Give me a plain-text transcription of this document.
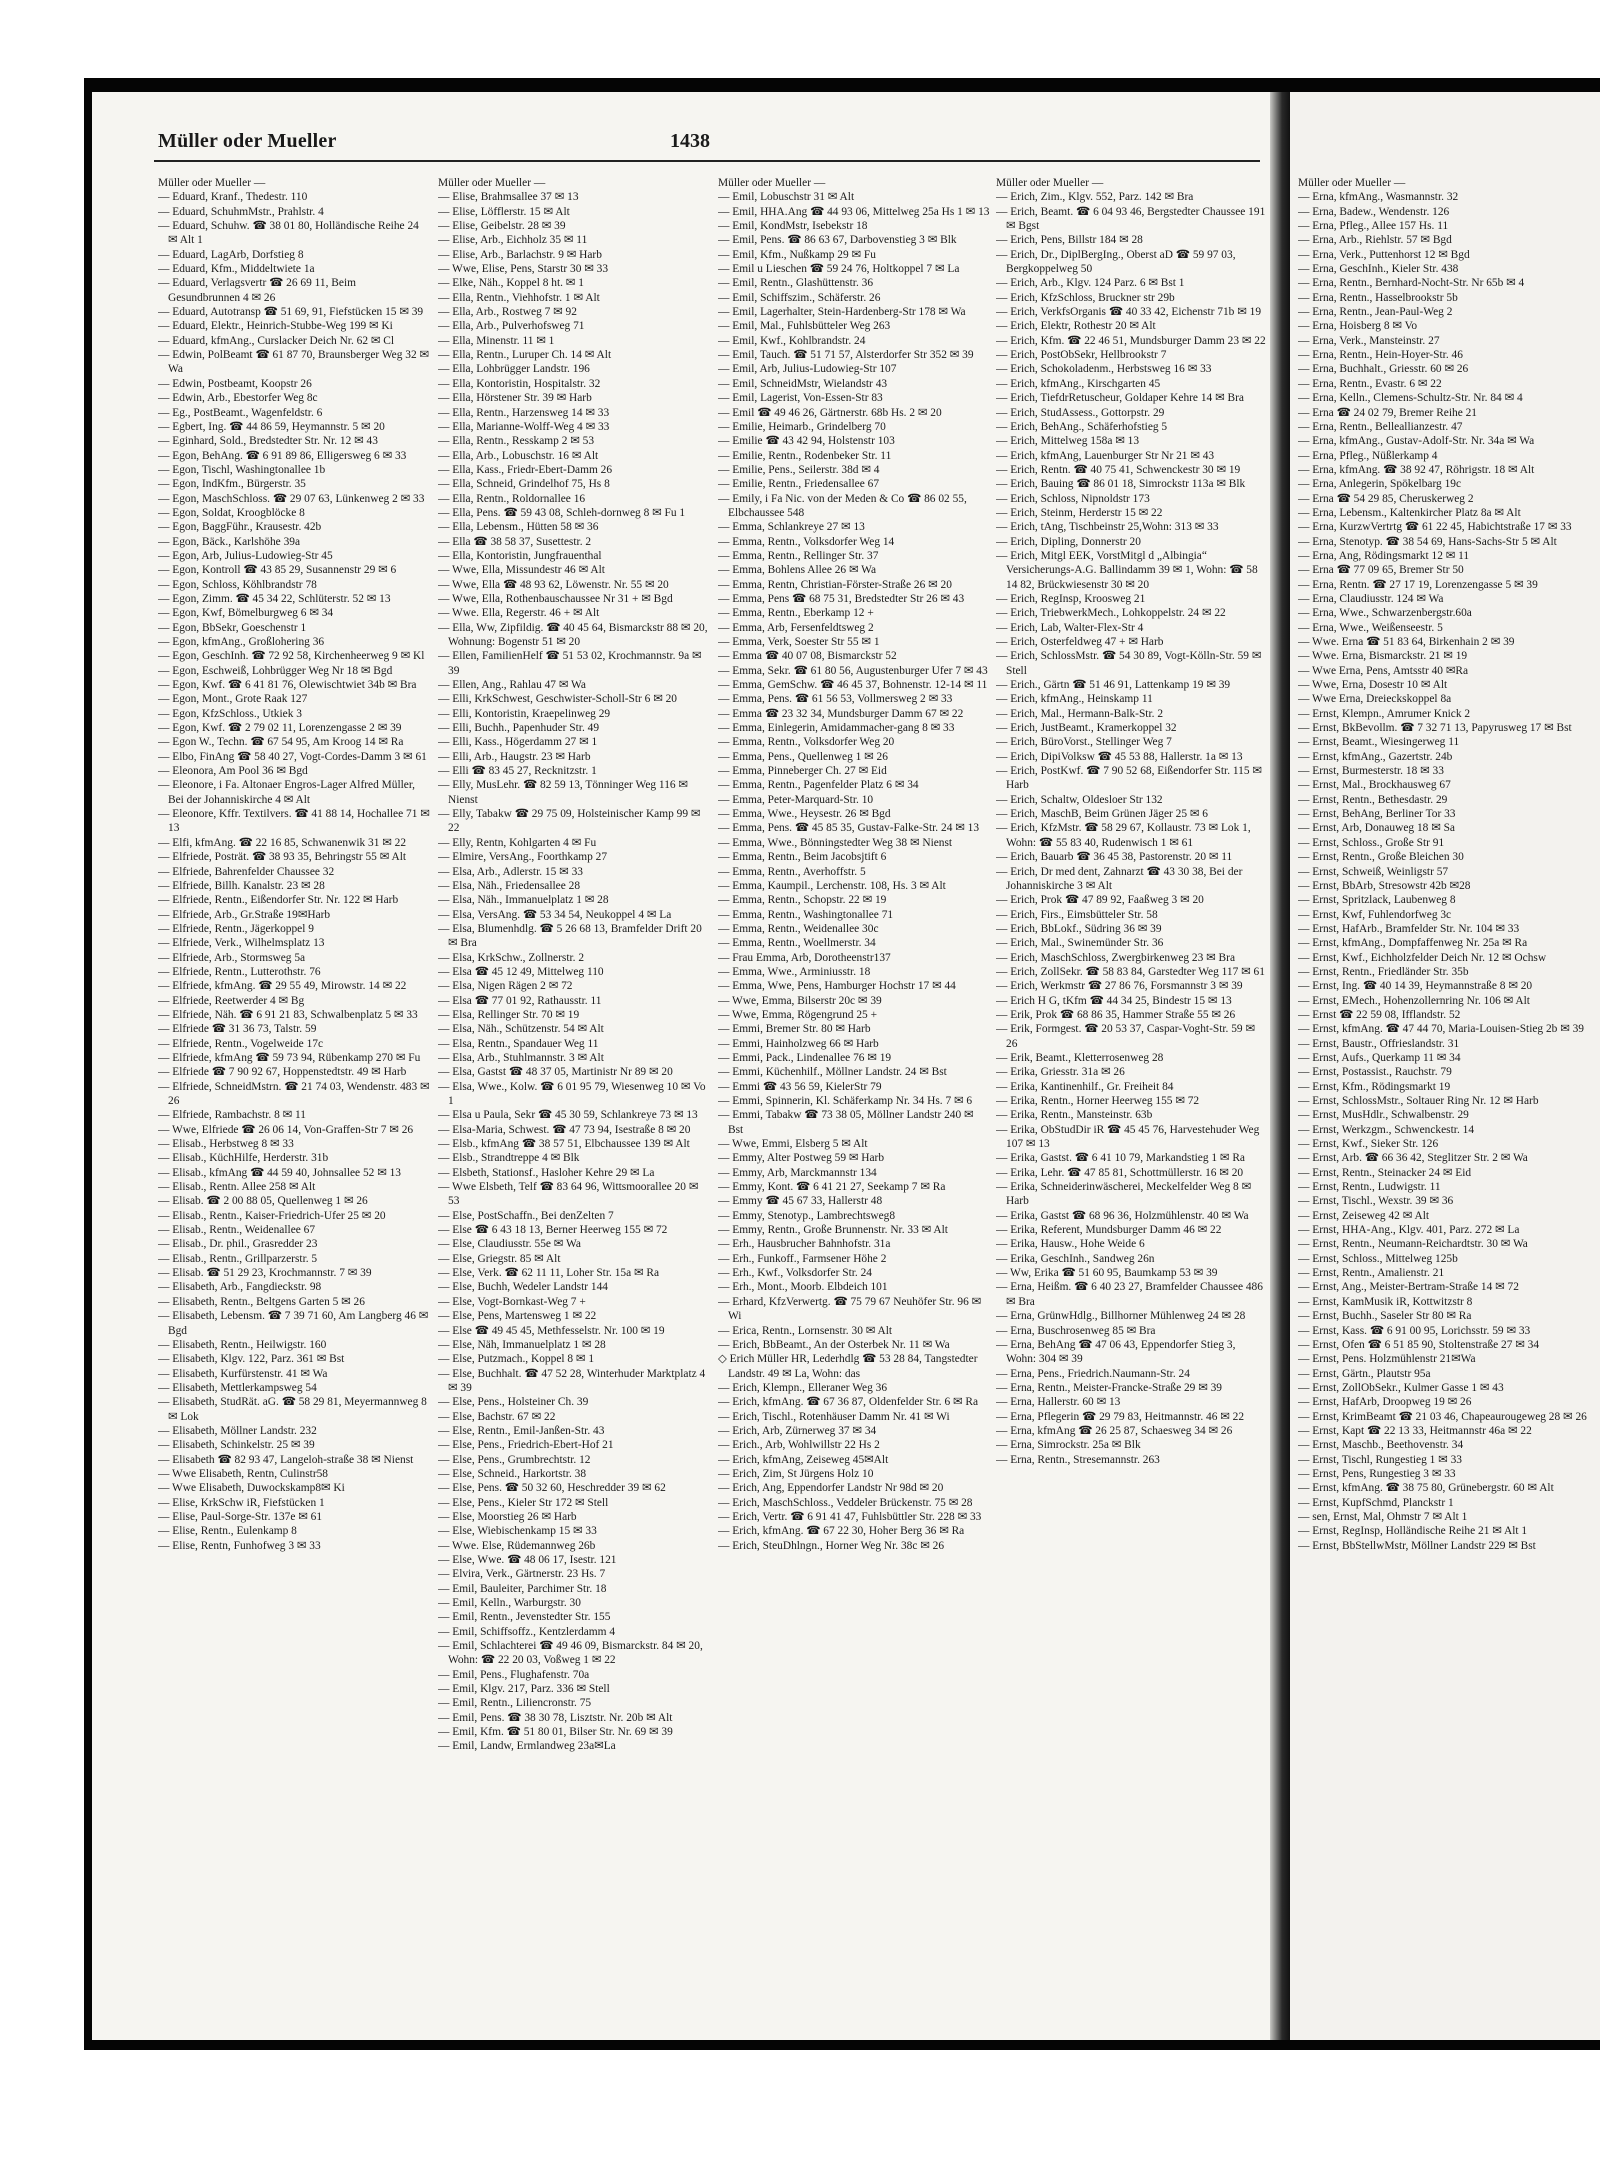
Müller oder Mueller	1438

Müller oder Mueller —

— Eduard, Kranf., Thedestr. 110

— Eduard, SchuhmMstr., Prahlstr. 4

— Eduard, Schuhw. ☎ 38 01 80, Holländische Reihe 24 ✉ Alt 1

— Eduard, LagArb, Dorfstieg 8

— Eduard, Kfm., Middeltwiete 1a

— Eduard, Verlagsvertr ☎ 26 69 11, Beim Gesundbrunnen 4 ✉ 26

— Eduard, Autotransp ☎ 51 69, 91, Fiefstücken 15 ✉ 39

— Eduard, Elektr., Heinrich-Stubbe-Weg 199 ✉ Ki

— Eduard, kfmAng., Curslacker Deich Nr. 62 ✉ Cl

— Edwin, PolBeamt ☎ 61 87 70, Braunsberger Weg 32 ✉ Wa

— Edwin, Postbeamt, Koopstr 26

— Edwin, Arb., Ebestorfer Weg 8c

— Eg., PostBeamt., Wagenfeldstr. 6

— Egbert, Ing. ☎ 44 86 59, Heymannstr. 5 ✉ 20

— Eginhard, Sold., Bredstedter Str. Nr. 12 ✉ 43

— Egon, BehAng. ☎ 6 91 89 86, Elligersweg 6 ✉ 33

— Egon, Tischl, Washingtonallee 1b

— Egon, IndKfm., Bürgerstr. 35

— Egon, MaschSchloss. ☎ 29 07 63, Lünkenweg 2 ✉ 33

— Egon, Soldat, Kroogblöcke 8

— Egon, BaggFühr., Krausestr. 42b

— Egon, Bäck., Karlshöhe 39a

— Egon, Arb, Julius-Ludowieg-Str 45

— Egon, Kontroll ☎ 43 85 29, Susannenstr 29 ✉ 6

— Egon, Schloss, Köhlbrandstr 78

— Egon, Zimm. ☎ 45 34 22, Schlüterstr. 52 ✉ 13

— Egon, Kwf, Bömelburgweg 6 ✉ 34

— Egon, BbSekr, Goeschenstr 1

— Egon, kfmAng., Großlohering 36

— Egon, GeschInh. ☎ 72 92 58, Kirchenheerweg 9 ✉ Kl

— Egon, Eschweiß, Lohbrügger Weg Nr 18 ✉ Bgd

— Egon, Kwf. ☎ 6 41 81 76, Olewischtwiet 34b ✉ Bra

— Egon, Mont., Grote Raak 127

— Egon, KfzSchloss., Utkiek 3

— Egon, Kwf. ☎ 2 79 02 11, Lorenzengasse 2 ✉ 39

— Egon W., Techn. ☎ 67 54 95, Am Kroog 14 ✉ Ra

— Elbo, FinAng ☎ 58 40 27, Vogt-Cordes-Damm 3 ✉ 61

— Eleonora, Am Pool 36 ✉ Bgd

— Eleonore, i Fa. Altonaer Engros-Lager Alfred Müller, Bei der Johanniskirche 4 ✉ Alt

— Eleonore, Kffr. Textilvers. ☎ 41 88 14, Hochallee 71 ✉ 13

— Elfi, kfmAng. ☎ 22 16 85, Schwanenwik 31 ✉ 22

— Elfriede, Posträt. ☎ 38 93 35, Behringstr 55 ✉ Alt

— Elfriede, Bahrenfelder Chaussee 32

— Elfriede, Billh. Kanalstr. 23 ✉ 28

— Elfriede, Rentn., Eißendorfer Str. Nr. 122 ✉ Harb

— Elfriede, Arb., Gr.Straße 19✉Harb

— Elfriede, Rentn., Jägerkoppel 9

— Elfriede, Verk., Wilhelmsplatz 13

— Elfriede, Arb., Stormsweg 5a

— Elfriede, Rentn., Lutterothstr. 76

— Elfriede, kfmAng. ☎ 29 55 49, Mirowstr. 14 ✉ 22

— Elfriede, Reetwerder 4 ✉ Bg

— Elfriede, Näh. ☎ 6 91 21 83, Schwalbenplatz 5 ✉ 33

— Elfriede ☎ 31 36 73, Talstr. 59

— Elfriede, Rentn., Vogelweide 17c

— Elfriede, kfmAng ☎ 59 73 94, Rübenkamp 270 ✉ Fu

— Elfriede ☎ 7 90 92 67, Hoppenstedtstr. 49 ✉ Harb

— Elfriede, SchneidMstrn. ☎ 21 74 03, Wendenstr. 483 ✉ 26

— Elfriede, Rambachstr. 8 ✉ 11

— Wwe, Elfriede ☎ 26 06 14, Von-Graffen-Str 7 ✉ 26

— Elisab., Herbstweg 8 ✉ 33

— Elisab., KüchHilfe, Herderstr. 31b

— Elisab., kfmAng ☎ 44 59 40, Johnsallee 52 ✉ 13

— Elisab., Rentn. Allee 258 ✉ Alt

— Elisab. ☎ 2 00 88 05, Quellenweg 1 ✉ 26

— Elisab., Rentn., Kaiser-Friedrich-Ufer 25 ✉ 20

— Elisab., Rentn., Weidenallee 67

— Elisab., Dr. phil., Grasredder 23

— Elisab., Rentn., Grillparzerstr. 5

— Elisab. ☎ 51 29 23, Krochmannstr. 7 ✉ 39

— Elisabeth, Arb., Fangdieckstr. 98

— Elisabeth, Rentn., Beltgens Garten 5 ✉ 26

— Elisabeth, Lebensm. ☎ 7 39 71 60, Am Langberg 46 ✉ Bgd

— Elisabeth, Rentn., Heilwigstr. 160

— Elisabeth, Klgv. 122, Parz. 361 ✉ Bst

— Elisabeth, Kurfürstenstr. 41 ✉ Wa

— Elisabeth, Mettlerkampsweg 54

— Elisabeth, StudRät. aG. ☎ 58 29 81, Meyermannweg 8 ✉ Lok

— Elisabeth, Möllner Landstr. 232

— Elisabeth, Schinkelstr. 25 ✉ 39

— Elisabeth ☎ 82 93 47, Langeloh-straße 38 ✉ Nienst

— Wwe Elisabeth, Rentn, Culinstr58

— Wwe Elisabeth, Duwockskamp8✉ Ki

— Elise, KrkSchw iR, Fiefstücken 1

— Elise, Paul-Sorge-Str. 137e ✉ 61

— Elise, Rentn., Eulenkamp 8

— Elise, Rentn, Funhofweg 3 ✉ 33

Müller oder Mueller —

— Elise, Brahmsallee 37 ✉ 13

— Elise, Löfflerstr. 15 ✉ Alt

— Elise, Geibelstr. 28 ✉ 39

— Elise, Arb., Eichholz 35 ✉ 11

— Elise, Arb., Barlachstr. 9 ✉ Harb

— Wwe, Elise, Pens, Starstr 30 ✉ 33

— Elke, Näh., Koppel 8 ht. ✉ 1

— Ella, Rentn., Viehhofstr. 1 ✉ Alt

— Ella, Arb., Rostweg 7 ✉ 92

— Ella, Arb., Pulverhofsweg 71

— Ella, Minenstr. 11 ✉ 1

— Ella, Rentn., Luruper Ch. 14 ✉ Alt

— Ella, Lohbrügger Landstr. 196

— Ella, Kontoristin, Hospitalstr. 32

— Ella, Hörstener Str. 39 ✉ Harb

— Ella, Rentn., Harzensweg 14 ✉ 33

— Ella, Marianne-Wolff-Weg 4 ✉ 33

— Ella, Rentn., Resskamp 2 ✉ 53

— Ella, Arb., Lobuschstr. 16 ✉ Alt

— Ella, Kass., Friedr-Ebert-Damm 26

— Ella, Schneid, Grindelhof 75, Hs 8

— Ella, Rentn., Roldornallee 16

— Ella, Pens. ☎ 59 43 08, Schleh-dornweg 8 ✉ Fu 1

— Ella, Lebensm., Hütten 58 ✉ 36

— Ella ☎ 38 58 37, Susettestr. 2

— Ella, Kontoristin, Jungfrauenthal

— Wwe, Ella, Missundestr 46 ✉ Alt

— Wwe, Ella ☎ 48 93 62, Löwenstr. Nr. 55 ✉ 20

— Wwe, Ella, Rothenbauschaussee Nr 31 + ✉ Bgd

— Wwe. Ella, Regerstr. 46 + ✉ Alt

— Ella, Ww, Zipfildig. ☎ 40 45 64, Bismarckstr 88 ✉ 20, Wohnung: Bogenstr 51 ✉ 20

— Ellen, FamilienHelf ☎ 51 53 02, Krochmannstr. 9a ✉ 39

— Ellen, Ang., Rahlau 47 ✉ Wa

— Elli, KrkSchwest, Geschwister-Scholl-Str 6 ✉ 20

— Elli, Kontoristin, Kraepelinweg 29

— Elli, Buchh., Papenhuder Str. 49

— Elli, Kass., Högerdamm 27 ✉ 1

— Elli, Arb., Haugstr. 23 ✉ Harb

— Elli ☎ 83 45 27, Recknitzstr. 1

— Elly, MusLehr. ☎ 82 59 13, Tönninger Weg 116 ✉ Nienst

— Elly, Tabakw ☎ 29 75 09, Holsteinischer Kamp 99 ✉ 22

— Elly, Rentn, Kohlgarten 4 ✉ Fu

— Elmire, VersAng., Foorthkamp 27

— Elsa, Arb., Adlerstr. 15 ✉ 33

— Elsa, Näh., Friedensallee 28

— Elsa, Näh., Immanuelplatz 1 ✉ 28

— Elsa, VersAng. ☎ 53 34 54, Neukoppel 4 ✉ La

— Elsa, Blumenhdlg. ☎ 5 26 68 13, Bramfelder Drift 20 ✉ Bra

— Elsa, KrkSchw., Zollnerstr. 2

— Elsa ☎ 45 12 49, Mittelweg 110

— Elsa, Nigen Rägen 2 ✉ 72

— Elsa ☎ 77 01 92, Rathausstr. 11

— Elsa, Rellinger Str. 70 ✉ 19

— Elsa, Näh., Schützenstr. 54 ✉ Alt

— Elsa, Rentn., Spandauer Weg 11

— Elsa, Arb., Stuhlmannstr. 3 ✉ Alt

— Elsa, Gastst ☎ 48 37 05, Martinistr Nr 89 ✉ 20

— Elsa, Wwe., Kolw. ☎ 6 01 95 79, Wiesenweg 10 ✉ Vo 1

— Elsa u Paula, Sekr ☎ 45 30 59, Schlankreye 73 ✉ 13

— Elsa-Maria, Schwest. ☎ 47 73 94, Isestraße 8 ✉ 20

— Elsb., kfmAng ☎ 38 57 51, Elbchaussee 139 ✉ Alt

— Elsb., Strandtreppe 4 ✉ Blk

— Elsbeth, Stationsf., Hasloher Kehre 29 ✉ La

— Wwe Elsbeth, Telf ☎ 83 64 96, Wittsmoorallee 20 ✉ 53

— Else, PostSchaffn., Bei denZelten 7

— Else ☎ 6 43 18 13, Berner Heerweg 155 ✉ 72

— Else, Claudiusstr. 55e ✉ Wa

— Else, Griegstr. 85 ✉ Alt

— Else, Verk. ☎ 62 11 11, Loher Str. 15a ✉ Ra

— Else, Buchh, Wedeler Landstr 144

— Else, Vogt-Bornkast-Weg 7 +

— Else, Pens, Martensweg 1 ✉ 22

— Else ☎ 49 45 45, Methfesselstr. Nr. 100 ✉ 19

— Else, Näh, Immanuelplatz 1 ✉ 28

— Else, Putzmach., Koppel 8 ✉ 1

— Else, Buchhalt. ☎ 47 52 28, Winterhuder Marktplatz 4 ✉ 39

— Else, Pens., Holsteiner Ch. 39

— Else, Bachstr. 67 ✉ 22

— Else, Rentn., Emil-Janßen-Str. 43

— Else, Pens., Friedrich-Ebert-Hof 21

— Else, Pens., Grumbrechtstr. 12

— Else, Schneid., Harkortstr. 38

— Else, Pens. ☎ 50 32 60, Heschredder 39 ✉ 62

— Else, Pens., Kieler Str 172 ✉ Stell

— Else, Moorstieg 26 ✉ Harb

— Else, Wiebischenkamp 15 ✉ 33

— Wwe. Else, Rüdemannweg 26b

— Else, Wwe. ☎ 48 06 17, Isestr. 121

— Elvira, Verk., Gärtnerstr. 23 Hs. 7

— Emil, Bauleiter, Parchimer Str. 18

— Emil, Kelln., Warburgstr. 30

— Emil, Rentn., Jevenstedter Str. 155

— Emil, Schiffsoffz., Kentzlerdamm 4

— Emil, Schlachterei ☎ 49 46 09, Bismarckstr. 84 ✉ 20, Wohn: ☎ 22 20 03, Voßweg 1 ✉ 22

— Emil, Pens., Flughafenstr. 70a

— Emil, Klgv. 217, Parz. 336 ✉ Stell

— Emil, Rentn., Liliencronstr. 75

— Emil, Pens. ☎ 38 30 78, Lisztstr. Nr. 20b ✉ Alt

— Emil, Kfm. ☎ 51 80 01, Bilser Str. Nr. 69 ✉ 39

— Emil, Landw, Ermlandweg 23a✉La

Müller oder Mueller —

— Emil, Lobuschstr 31 ✉ Alt

— Emil, HHA.Ang ☎ 44 93 06, Mittelweg 25a Hs 1 ✉ 13

— Emil, KondMstr, Isebekstr 18

— Emil, Pens. ☎ 86 63 67, Darbovenstieg 3 ✉ Blk

— Emil, Kfm., Nußkamp 29 ✉ Fu

— Emil u Lieschen ☎ 59 24 76, Holtkoppel 7 ✉ La

— Emil, Rentn., Glashüttenstr. 36

— Emil, Schiffszim., Schäferstr. 26

— Emil, Lagerhalter, Stein-Hardenberg-Str 178 ✉ Wa

— Emil, Mal., Fuhlsbütteler Weg 263

— Emil, Kwf., Kohlbrandstr. 24

— Emil, Tauch. ☎ 51 71 57, Alsterdorfer Str 352 ✉ 39

— Emil, Arb, Julius-Ludowieg-Str 107

— Emil, SchneidMstr, Wielandstr 43

— Emil, Lagerist, Von-Essen-Str 83

— Emil ☎ 49 46 26, Gärtnerstr. 68b Hs. 2 ✉ 20

— Emilie, Heimarb., Grindelberg 70

— Emilie ☎ 43 42 94, Holstenstr 103

— Emilie, Rentn., Rodenbeker Str. 11

— Emilie, Pens., Seilerstr. 38d ✉ 4

— Emilie, Rentn., Friedensallee 67

— Emily, i Fa Nic. von der Meden & Co ☎ 86 02 55, Elbchaussee 548

— Emma, Schlankreye 27 ✉ 13

— Emma, Rentn., Volksdorfer Weg 14

— Emma, Rentn., Rellinger Str. 37

— Emma, Bohlens Allee 26 ✉ Wa

— Emma, Rentn, Christian-Förster-Straße 26 ✉ 20

— Emma, Pens ☎ 68 75 31, Bredstedter Str 26 ✉ 43

— Emma, Rentn., Eberkamp 12 +

— Emma, Arb, Fersenfeldtsweg 2

— Emma, Verk, Soester Str 55 ✉ 1

— Emma ☎ 40 07 08, Bismarckstr 52

— Emma, Sekr. ☎ 61 80 56, Augustenburger Ufer 7 ✉ 43

— Emma, GemSchw. ☎ 46 45 37, Bohnenstr. 12-14 ✉ 11

— Emma, Pens. ☎ 61 56 53, Vollmersweg 2 ✉ 33

— Emma ☎ 23 32 34, Mundsburger Damm 67 ✉ 22

— Emma, Einlegerin, Amidammacher-gang 8 ✉ 33

— Emma, Rentn., Volksdorfer Weg 20

— Emma, Pens., Quellenweg 1 ✉ 26

— Emma, Pinneberger Ch. 27 ✉ Eid

— Emma, Rentn., Pagenfelder Platz 6 ✉ 34

— Emma, Peter-Marquard-Str. 10

— Emma, Wwe., Heysestr. 26 ✉ Bgd

— Emma, Pens. ☎ 45 85 35, Gustav-Falke-Str. 24 ✉ 13

— Emma, Wwe., Bönningstedter Weg 38 ✉ Nienst

— Emma, Rentn., Beim Jacobsjtift 6

— Emma, Rentn., Averhoffstr. 5

— Emma, Kaumpil., Lerchenstr. 108, Hs. 3 ✉ Alt

— Emma, Rentn., Schopstr. 22 ✉ 19

— Emma, Rentn., Washingtonallee 71

— Emma, Rentn., Weidenallee 30c

— Emma, Rentn., Woellmerstr. 34

— Frau Emma, Arb, Dorotheenstr137

— Emma, Wwe., Arminiusstr. 18

— Emma, Wwe, Pens, Hamburger Hochstr 17 ✉ 44

— Wwe, Emma, Bilserstr 20c ✉ 39

— Wwe, Emma, Rögengrund 25 +

— Emmi, Bremer Str. 80 ✉ Harb

— Emmi, Hainholzweg 66 ✉ Harb

— Emmi, Pack., Lindenallee 76 ✉ 19

— Emmi, Küchenhilf., Möllner Landstr. 24 ✉ Bst

— Emmi ☎ 43 56 59, KielerStr 79

— Emmi, Spinnerin, Kl. Schäferkamp Nr. 34 Hs. 7 ✉ 6

— Emmi, Tabakw ☎ 73 38 05, Möllner Landstr 240 ✉ Bst

— Wwe, Emmi, Elsberg 5 ✉ Alt

— Emmy, Alter Postweg 59 ✉ Harb

— Emmy, Arb, Marckmannstr 134

— Emmy, Kont. ☎ 6 41 21 27, Seekamp 7 ✉ Ra

— Emmy ☎ 45 67 33, Hallerstr 48

— Emmy, Stenotyp., Lambrechtsweg8

— Emmy, Rentn., Große Brunnenstr. Nr. 33 ✉ Alt

— Erh., Hausbrucher Bahnhofstr. 31a

— Erh., Funkoff., Farmsener Höhe 2

— Erh., Kwf., Volksdorfer Str. 24

— Erh., Mont., Moorb. Elbdeich 101

— Erhard, KfzVerwertg. ☎ 75 79 67 Neuhöfer Str. 96 ✉ Wi

— Erica, Rentn., Lornsenstr. 30 ✉ Alt

— Erich, BbBeamt., An der Osterbek Nr. 11 ✉ Wa

◇ Erich Müller HR, Lederhdlg ☎ 53 28 84, Tangstedter Landstr. 49 ✉ La, Wohn: das

— Erich, Klempn., Elleraner Weg 36

— Erich, kfmAng. ☎ 67 36 87, Oldenfelder Str. 6 ✉ Ra

— Erich, Tischl., Rotenhäuser Damm Nr. 41 ✉ Wi

— Erich, Arb, Zürnerweg 37 ✉ 34

— Erich., Arb, Wohlwillstr 22 Hs 2

— Erich, kfmAng, Zeiseweg 45✉Alt

— Erich, Zim, St Jürgens Holz 10

— Erich, Ang, Eppendorfer Landstr Nr 98d ✉ 20

— Erich, MaschSchloss., Veddeler Brückenstr. 75 ✉ 28

— Erich, Vertr. ☎ 6 91 41 47, Fuhlsbüttler Str. 228 ✉ 33

— Erich, kfmAng. ☎ 67 22 30, Hoher Berg 36 ✉ Ra

— Erich, SteuDhlngn., Horner Weg Nr. 38c ✉ 26

Müller oder Mueller —

— Erich, Zim., Klgv. 552, Parz. 142 ✉ Bra

— Erich, Beamt. ☎ 6 04 93 46, Bergstedter Chaussee 191 ✉ Bgst

— Erich, Pens, Billstr 184 ✉ 28

— Erich, Dr., DiplBergIng., Oberst aD ☎ 59 97 03, Bergkoppelweg 50

— Erich, Arb., Klgv. 124 Parz. 6 ✉ Bst 1

— Erich, KfzSchloss, Bruckner str 29b

— Erich, VerkfsOrganis ☎ 40 33 42, Eichenstr 71b ✉ 19

— Erich, Elektr, Rothestr 20 ✉ Alt

— Erich, Kfm. ☎ 22 46 51, Mundsburger Damm 23 ✉ 22

— Erich, PostObSekr, Hellbrookstr 7

— Erich, Schokoladenm., Herbstsweg 16 ✉ 33

— Erich, kfmAng., Kirschgarten 45

— Erich, TiefdrRetuscheur, Goldaper Kehre 14 ✉ Bra

— Erich, StudAssess., Gottorpstr. 29

— Erich, BehAng., Schäferhofstieg 5

— Erich, Mittelweg 158a ✉ 13

— Erich, kfmAng, Lauenburger Str Nr 21 ✉ 43

— Erich, Rentn. ☎ 40 75 41, Schwenckestr 30 ✉ 19

— Erich, Bauing ☎ 86 01 18, Simrockstr 113a ✉ Blk

— Erich, Schloss, Nipnoldstr 173

— Erich, Steinm, Herderstr 15 ✉ 22

— Erich, tAng, Tischbeinstr 25,Wohn: 313 ✉ 33

— Erich, Dipling, Donnerstr 20

— Erich, Mitgl EEK, VorstMitgl d „Albingia“ Versicherungs-A.G. Ballindamm 39 ✉ 1, Wohn: ☎ 58 14 82, Brückwiesenstr 30 ✉ 20

— Erich, RegInsp, Kroosweg 21

— Erich, TriebwerkMech., Lohkoppelstr. 24 ✉ 22

— Erich, Lab, Walter-Flex-Str 4

— Erich, Osterfeldweg 47 + ✉ Harb

— Erich, SchlossMstr. ☎ 54 30 89, Vogt-Kölln-Str. 59 ✉ Stell

— Erich., Gärtn ☎ 51 46 91, Lattenkamp 19 ✉ 39

— Erich, kfmAng., Heinskamp 11

— Erich, Mal., Hermann-Balk-Str. 2

— Erich, JustBeamt., Kramerkoppel 32

— Erich, BüroVorst., Stellinger Weg 7

— Erich, DipiVolksw ☎ 45 53 88, Hallerstr. 1a ✉ 13

— Erich, PostKwf. ☎ 7 90 52 68, Eißendorfer Str. 115 ✉ Harb

— Erich, Schaltw, Oldesloer Str 132

— Erich, MaschB, Beim Grünen Jäger 25 ✉ 6

— Erich, KfzMstr. ☎ 58 29 67, Kollaustr. 73 ✉ Lok 1, Wohn: ☎ 55 83 40, Rudenwisch 1 ✉ 61

— Erich, Bauarb ☎ 36 45 38, Pastorenstr. 20 ✉ 11

— Erich, Dr med dent, Zahnarzt ☎ 43 30 38, Bei der Johanniskirche 3 ✉ Alt

— Erich, Prok ☎ 47 89 92, Faaßweg 3 ✉ 20

— Erich, Firs., Eimsbütteler Str. 58

— Erich, BbLokf., Südring 36 ✉ 39

— Erich, Mal., Swinemünder Str. 36

— Erich, MaschSchloss, Zwergbirkenweg 23 ✉ Bra

— Erich, ZollSekr. ☎ 58 83 84, Garstedter Weg 117 ✉ 61

— Erich, Werkmstr ☎ 27 86 76, Forsmannstr 3 ✉ 39

— Erich H G, tKfm ☎ 44 34 25, Bindestr 15 ✉ 13

— Erik, Prok ☎ 68 86 35, Hammer Straße 55 ✉ 26

— Erik, Formgest. ☎ 20 53 37, Caspar-Voght-Str. 59 ✉ 26

— Erik, Beamt., Kletterrosenweg 28

— Erika, Griesstr. 31a ✉ 26

— Erika, Kantinenhilf., Gr. Freiheit 84

— Erika, Rentn., Horner Heerweg 155 ✉ 72

— Erika, Rentn., Mansteinstr. 63b

— Erika, ObStudDir iR ☎ 45 45 76, Harvestehuder Weg 107 ✉ 13

— Erika, Gastst. ☎ 6 41 10 79, Markandstieg 1 ✉ Ra

— Erika, Lehr. ☎ 47 85 81, Schottmüllerstr. 16 ✉ 20

— Erika, Schneiderinwäscherei, Meckelfelder Weg 8 ✉ Harb

— Erika, Gastst ☎ 68 96 36, Holzmühlenstr. 40 ✉ Wa

— Erika, Referent, Mundsburger Damm 46 ✉ 22

— Erika, Hausw., Hohe Weide 6

— Erika, GeschInh., Sandweg 26n

— Ww, Erika ☎ 51 60 95, Baumkamp 53 ✉ 39

— Erna, Heißm. ☎ 6 40 23 27, Bramfelder Chaussee 486 ✉ Bra

— Erna, GrünwHdlg., Billhorner Mühlenweg 24 ✉ 28

— Erna, Buschrosenweg 85 ✉ Bra

— Erna, BehAng ☎ 47 06 43, Eppendorfer Stieg 3, Wohn: 304 ✉ 39

— Erna, Pens., Friedrich.Naumann-Str. 24

— Erna, Rentn., Meister-Francke-Straße 29 ✉ 39

— Erna, Hallerstr. 60 ✉ 13

— Erna, Pflegerin ☎ 29 79 83, Heitmannstr. 46 ✉ 22

— Erna, kfmAng ☎ 26 25 87, Schaesweg 34 ✉ 26

— Erna, Simrockstr. 25a ✉ Blk

— Erna, Rentn., Stresemannstr. 263

Müller oder Mueller —

— Erna, kfmAng., Wasmannstr. 32

— Erna, Badew., Wendenstr. 126

— Erna, Pfleg., Allee 157 Hs. 11

— Erna, Arb., Riehlstr. 57 ✉ Bgd

— Erna, Verk., Puttenhorst 12 ✉ Bgd

— Erna, GeschInh., Kieler Str. 438

— Erna, Rentn., Bernhard-Nocht-Str. Nr 65b ✉ 4

— Erna, Rentn., Hasselbrookstr 5b

— Erna, Rentn., Jean-Paul-Weg 2

— Erna, Hoisberg 8 ✉ Vo

— Erna, Verk., Mansteinstr. 27

— Erna, Rentn., Hein-Hoyer-Str. 46

— Erna, Buchhalt., Griesstr. 60 ✉ 26

— Erna, Rentn., Evastr. 6 ✉ 22

— Erna, Kelln., Clemens-Schultz-Str. Nr. 84 ✉ 4

— Erna ☎ 24 02 79, Bremer Reihe 21

— Erna, Rentn., Belleallianzestr. 47

— Erna, kfmAng., Gustav-Adolf-Str. Nr. 34a ✉ Wa

— Erna, Pfleg., Nüßlerkamp 4

— Erna, kfmAng. ☎ 38 92 47, Röhrigstr. 18 ✉ Alt

— Erna, Anlegerin, Spökelbarg 19c

— Erna ☎ 54 29 85, Cheruskerweg 2

— Erna, Lebensm., Kaltenkircher Platz 8a ✉ Alt

— Erna, KurzwVertrtg ☎ 61 22 45, Habichtstraße 17 ✉ 33

— Erna, Stenotyp. ☎ 38 54 69, Hans-Sachs-Str 5 ✉ Alt

— Erna, Ang, Rödingsmarkt 12 ✉ 11

— Erna ☎ 77 09 65, Bremer Str 50

— Erna, Rentn. ☎ 27 17 19, Lorenzengasse 5 ✉ 39

— Erna, Claudiusstr. 124 ✉ Wa

— Erna, Wwe., Schwarzenbergstr.60a

— Erna, Wwe., Weißenseestr. 5

— Wwe. Erna ☎ 51 83 64, Birkenhain 2 ✉ 39

— Wwe. Erna, Bismarckstr. 21 ✉ 19

— Wwe Erna, Pens, Amtsstr 40 ✉Ra

— Wwe, Erna, Dosestr 10 ✉ Alt

— Wwe Erna, Dreieckskoppel 8a

— Ernst, Klempn., Amrumer Knick 2

— Ernst, BkBevollm. ☎ 7 32 71 13, Papyrusweg 17 ✉ Bst

— Ernst, Beamt., Wiesingerweg 11

— Ernst, kfmAng., Gazertstr. 24b

— Ernst, Burmesterstr. 18 ✉ 33

— Ernst, Mal., Brockhausweg 67

— Ernst, Rentn., Bethesdastr. 29

— Ernst, BehAng, Berliner Tor 33

— Ernst, Arb, Donauweg 18 ✉ Sa

— Ernst, Schloss., Große Str 91

— Ernst, Rentn., Große Bleichen 30

— Ernst, Schweiß, Weinligstr 57

— Ernst, BbArb, Stresowstr 42b ✉28

— Ernst, Spritzlack, Laubenweg 8

— Ernst, Kwf, Fuhlendorfweg 3c

— Ernst, HafArb., Bramfelder Str. Nr. 104 ✉ 33

— Ernst, kfmAng., Dompfaffenweg Nr. 25a ✉ Ra

— Ernst, Kwf., Eichholzfelder Deich Nr. 12 ✉ Ochsw

— Ernst, Rentn., Friedländer Str. 35b

— Ernst, Ing. ☎ 40 14 39, Heymannstraße 8 ✉ 20

— Ernst, EMech., Hohenzollernring Nr. 106 ✉ Alt

— Ernst ☎ 22 59 08, Ifflandstr. 52

— Ernst, kfmAng. ☎ 47 44 70, Maria-Louisen-Stieg 2b ✉ 39

— Ernst, Baustr., Offrieslandstr. 31

— Ernst, Aufs., Querkamp 11 ✉ 34

— Ernst, Postassist., Rauchstr. 79

— Ernst, Kfm., Rödingsmarkt 19

— Ernst, SchlossMstr., Soltauer Ring Nr. 12 ✉ Harb

— Ernst, MusHdlr., Schwalbenstr. 29

— Ernst, Werkzgm., Schwenckestr. 14

— Ernst, Kwf., Sieker Str. 126

— Ernst, Arb. ☎ 66 36 42, Steglitzer Str. 2 ✉ Wa

— Ernst, Rentn., Steinacker 24 ✉ Eid

— Ernst, Rentn., Ludwigstr. 11

— Ernst, Tischl., Wexstr. 39 ✉ 36

— Ernst, Zeiseweg 42 ✉ Alt

— Ernst, HHA-Ang., Klgv. 401, Parz. 272 ✉ La

— Ernst, Rentn., Neumann-Reichardtstr. 30 ✉ Wa

— Ernst, Schloss., Mittelweg 125b

— Ernst, Rentn., Amalienstr. 21

— Ernst, Ang., Meister-Bertram-Straße 14 ✉ 72

— Ernst, KamMusik iR, Kottwitzstr 8

— Ernst, Buchh., Saseler Str 80 ✉ Ra

— Ernst, Kass. ☎ 6 91 00 95, Lorichsstr. 59 ✉ 33

— Ernst, Ofen ☎ 6 51 85 90, Stoltenstraße 27 ✉ 34

— Ernst, Pens. Holzmühlenstr 21✉Wa

— Ernst, Gärtn., Plautstr 95a

— Ernst, ZollObSekr., Kulmer Gasse 1 ✉ 43

— Ernst, HafArb, Droopweg 19 ✉ 26

— Ernst, KrimBeamt ☎ 21 03 46, Chapeaurougeweg 28 ✉ 26

— Ernst, Kapt ☎ 22 13 33, Heitmannstr 46a ✉ 22

— Ernst, Maschb., Beethovenstr. 34

— Ernst, Tischl, Rungestieg 1 ✉ 33

— Ernst, Pens, Rungestieg 3 ✉ 33

— Ernst, kfmAng. ☎ 38 75 80, Grünebergstr. 60 ✉ Alt

— Ernst, KupfSchmd, Planckstr 1

— sen, Ernst, Mal, Ohmstr 7 ✉ Alt 1

— Ernst, RegInsp, Holländische Reihe 21 ✉ Alt 1

— Ernst, BbStellwMstr, Möllner Landstr 229 ✉ Bst
